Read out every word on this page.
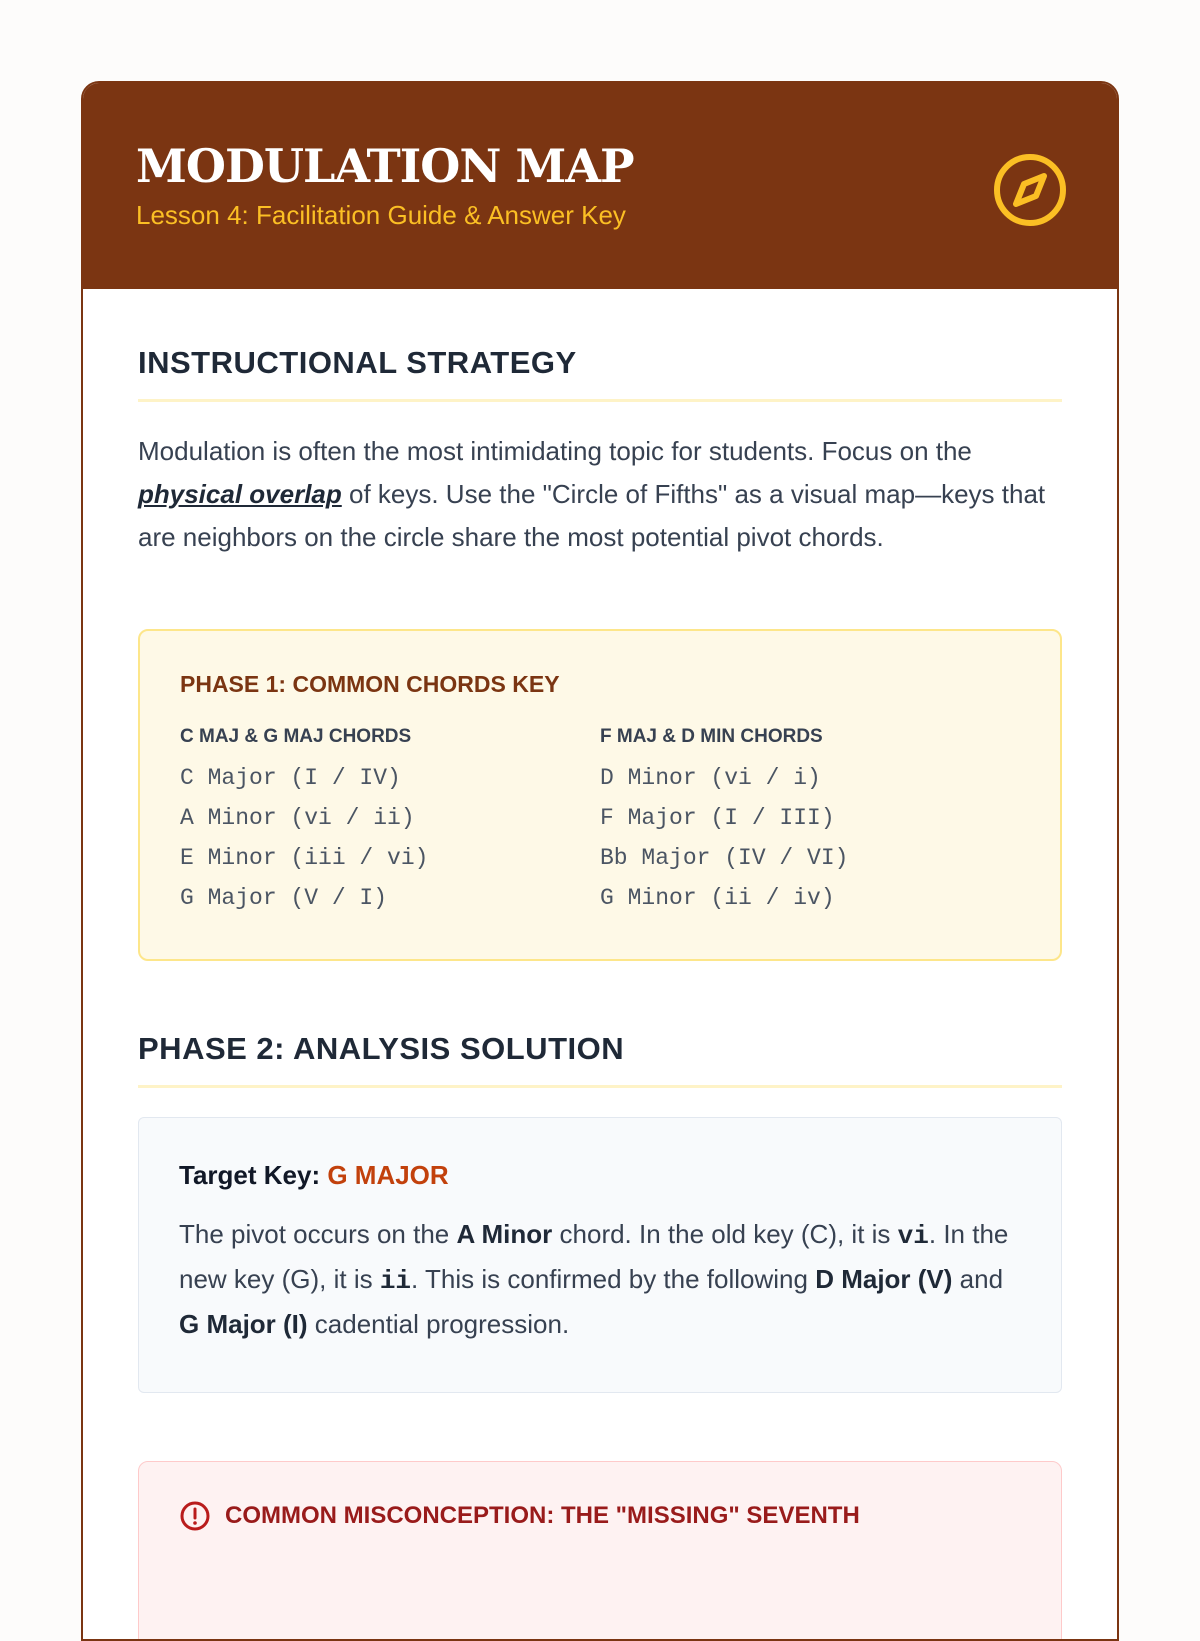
MODULATION MAP
Lesson 4: Facilitation Guide & Answer Key
INSTRUCTIONAL STRATEGY

Modulation is often the most intimidating topic for students. Focus on the physical overlap of keys. Use the "Circle of Fifths" as a visual map—keys that are neighbors on the circle share the most potential pivot chords.

PHASE 1: COMMON CHORDS KEY
C MAJ & G MAJ CHORDS
C Major (I / IV)
A Minor (vi / ii)
E Minor (iii / vi)
G Major (V / I)
F MAJ & D MIN CHORDS
D Minor (vi / i)
F Major (I / III)
Bb Major (IV / VI)
G Minor (ii / iv)
PHASE 2: ANALYSIS SOLUTION

Target Key: G MAJOR

The pivot occurs on the A Minor chord. In the old key (C), it is vi. In the new key (G), it is ii. This is confirmed by the following D Major (V) and G Major (I) cadential progression.

COMMON MISCONCEPTION: THE "MISSING" SEVENTH
